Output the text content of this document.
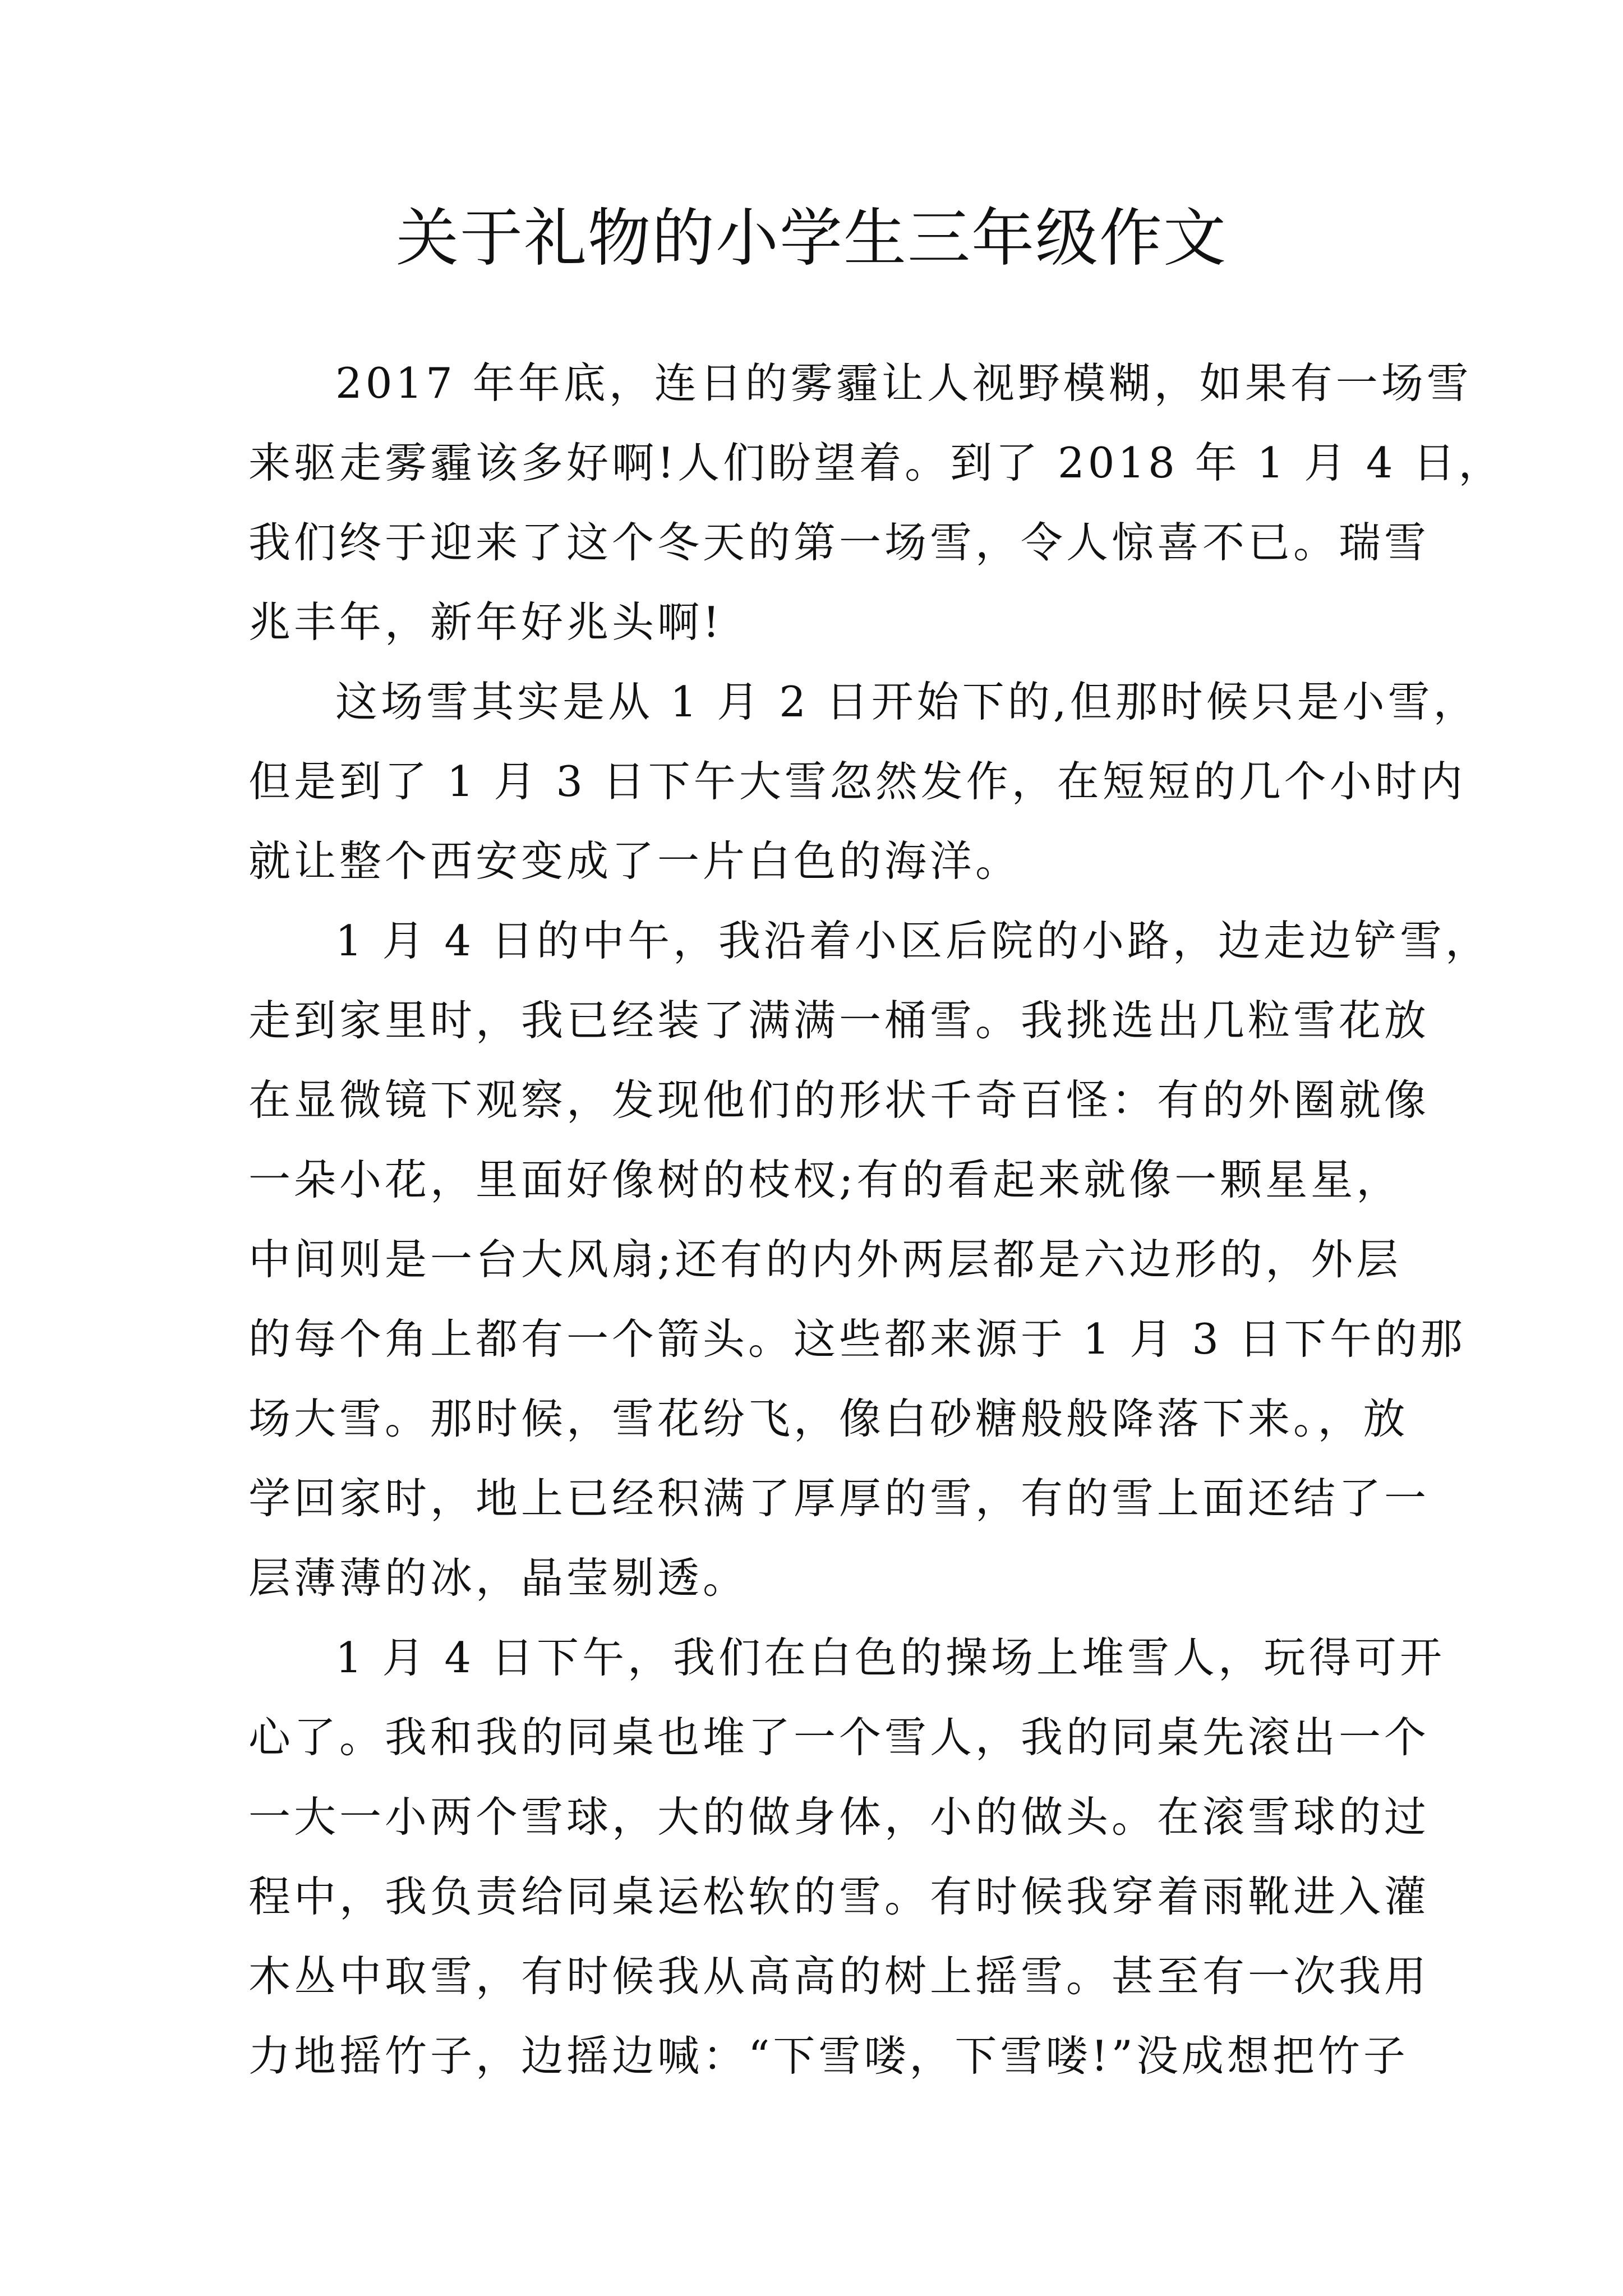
关于礼物的小学生三年级作文
2017 年年底，连日的雾霾让人视野模糊，如果有一场雪
来驱走雾霾该多好啊!人们盼望着。到了 2018 年 1 月 4 日，
我们终于迎来了这个冬天的第一场雪，令人惊喜不已。瑞雪
兆丰年，新年好兆头啊!
这场雪其实是从 1 月 2 日开始下的,但那时候只是小雪，
但是到了 1 月 3 日下午大雪忽然发作，在短短的几个小时内
就让整个西安变成了一片白色的海洋。
1 月 4 日的中午，我沿着小区后院的小路，边走边铲雪，
走到家里时，我已经装了满满一桶雪。我挑选出几粒雪花放
在显微镜下观察，发现他们的形状千奇百怪：有的外圈就像
一朵小花，里面好像树的枝杈;有的看起来就像一颗星星，
中间则是一台大风扇;还有的内外两层都是六边形的，外层
的每个角上都有一个箭头。这些都来源于 1 月 3 日下午的那
场大雪。那时候，雪花纷飞，像白砂糖般般降落下来。，放
学回家时，地上已经积满了厚厚的雪，有的雪上面还结了一
层薄薄的冰，晶莹剔透。
1 月 4 日下午，我们在白色的操场上堆雪人，玩得可开
心了。我和我的同桌也堆了一个雪人，我的同桌先滚出一个
一大一小两个雪球，大的做身体，小的做头。在滚雪球的过
程中，我负责给同桌运松软的雪。有时候我穿着雨靴进入灌
木丛中取雪，有时候我从高高的树上摇雪。甚至有一次我用
力地摇竹子，边摇边喊：“下雪喽，下雪喽!”没成想把竹子
